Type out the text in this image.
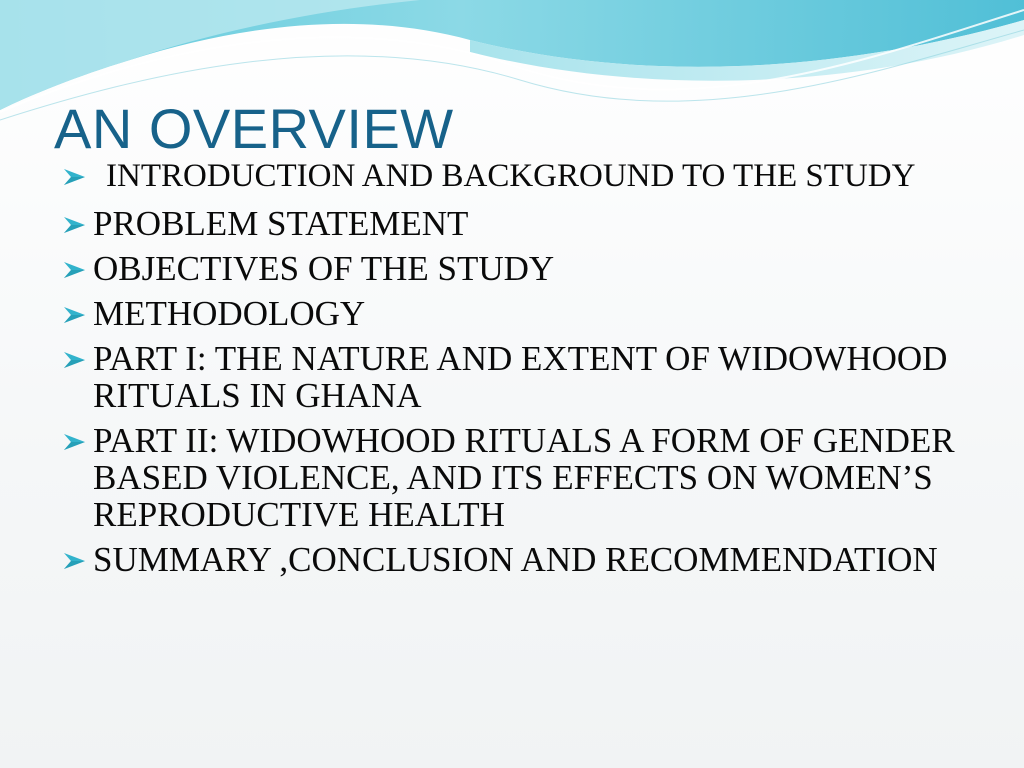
AN OVERVIEW
INTRODUCTION AND BACKGROUND TO THE STUDY
PROBLEM STATEMENT
OBJECTIVES OF THE STUDY
METHODOLOGY
PART I: THE NATURE AND EXTENT OF WIDOWHOOD RITUALS IN GHANA
PART II: WIDOWHOOD RITUALS A FORM OF GENDER BASED VIOLENCE, AND ITS EFFECTS ON WOMEN’S REPRODUCTIVE HEALTH
SUMMARY ,CONCLUSION AND RECOMMENDATION
